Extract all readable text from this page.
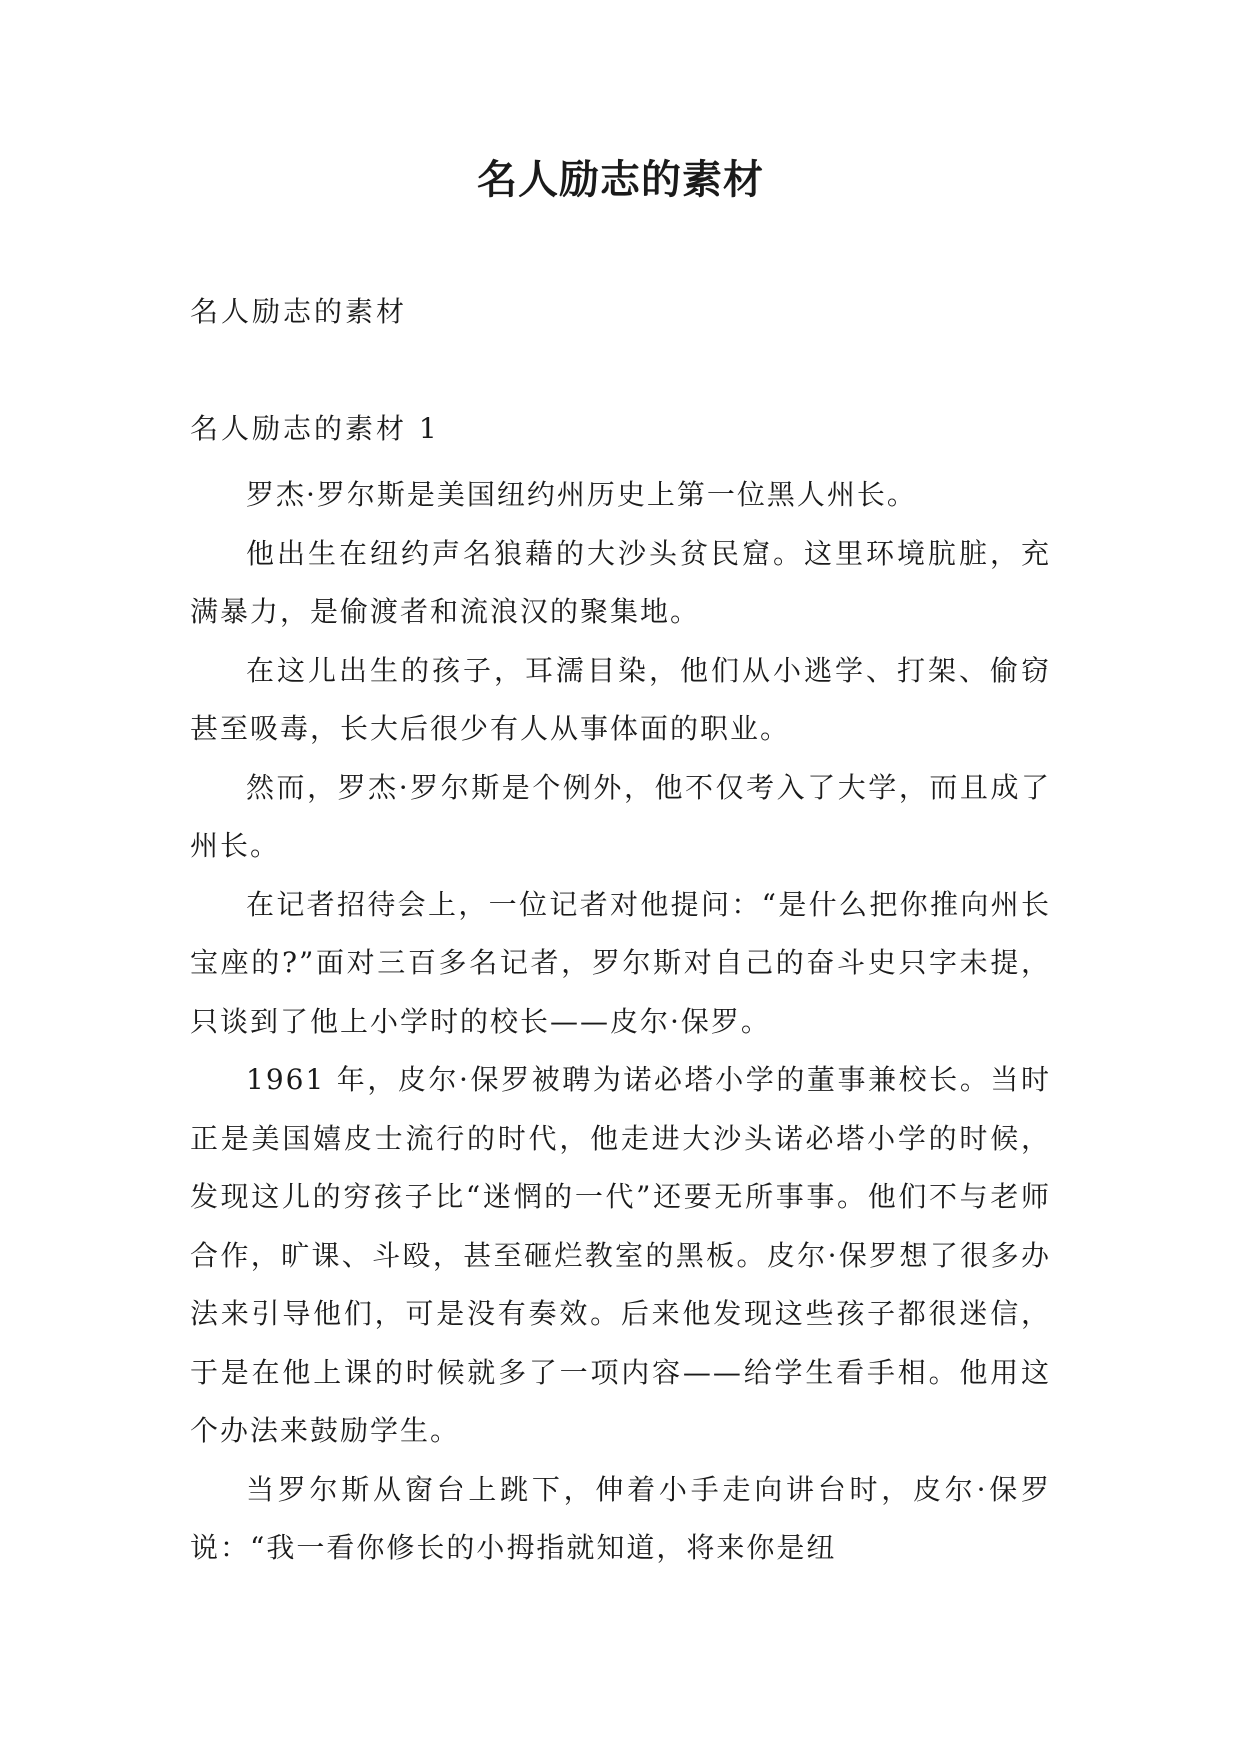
名人励志的素材
名人励志的素材
名人励志的素材 1

罗杰·罗尔斯是美国纽约州历史上第一位黑人州长。

他出生在纽约声名狼藉的大沙头贫民窟。这里环境肮脏，充满暴力，是偷渡者和流浪汉的聚集地。

在这儿出生的孩子，耳濡目染，他们从小逃学、打架、偷窃甚至吸毒，长大后很少有人从事体面的职业。

然而，罗杰·罗尔斯是个例外，他不仅考入了大学，而且成了州长。

在记者招待会上，一位记者对他提问：“是什么把你推向州长宝座的?”面对三百多名记者，罗尔斯对自己的奋斗史只字未提，只谈到了他上小学时的校长——皮尔·保罗。

1961 年，皮尔·保罗被聘为诺必塔小学的董事兼校长。当时正是美国嬉皮士流行的时代，他走进大沙头诺必塔小学的时候，发现这儿的穷孩子比“迷惘的一代”还要无所事事。他们不与老师合作，旷课、斗殴，甚至砸烂教室的黑板。皮尔·保罗想了很多办法来引导他们，可是没有奏效。后来他发现这些孩子都很迷信，于是在他上课的时候就多了一项内容——给学生看手相。他用这个办法来鼓励学生。

当罗尔斯从窗台上跳下，伸着小手走向讲台时，皮尔·保罗说：“我一看你修长的小拇指就知道，将来你是纽
